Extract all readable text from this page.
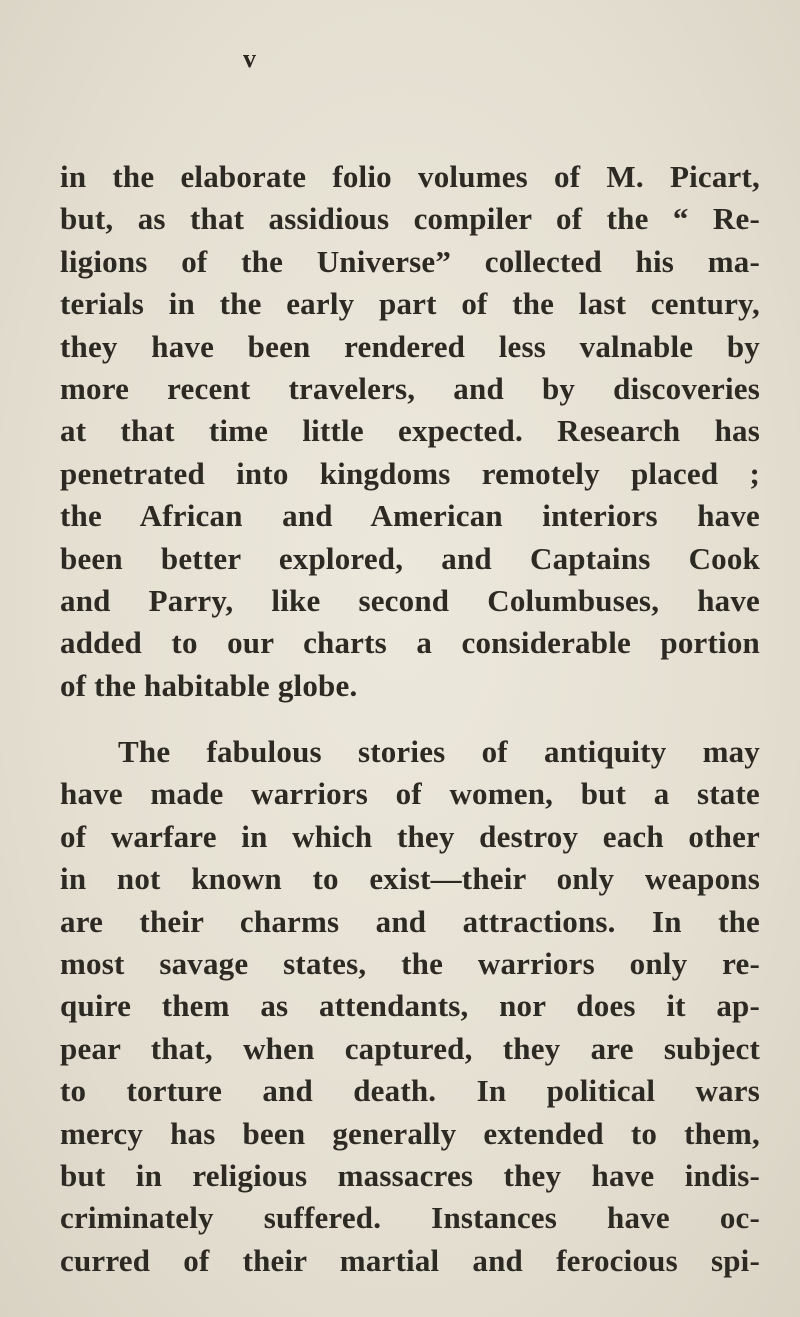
v
in the elaborate folio volumes of M. Picart,
but, as that assidious compiler of the “ Re-
ligions of the Universe” collected his ma-
terials in the early part of the last century,
they have been rendered less valnable by
more recent travelers, and by discoveries
at that time little expected. Research has
penetrated into kingdoms remotely placed ;
the African and American interiors have
been better explored, and Captains Cook
and Parry, like second Columbuses, have
added to our charts a considerable portion
of the habitable globe.
The fabulous stories of antiquity may
have made warriors of women, but a state
of warfare in which they destroy each other
in not known to exist—their only weapons
are their charms and attractions. In the
most savage states, the warriors only re-
quire them as attendants, nor does it ap-
pear that, when captured, they are subject
to torture and death. In political wars
mercy has been generally extended to them,
but in religious massacres they have indis-
criminately suffered. Instances have oc-
curred of their martial and ferocious spi-
